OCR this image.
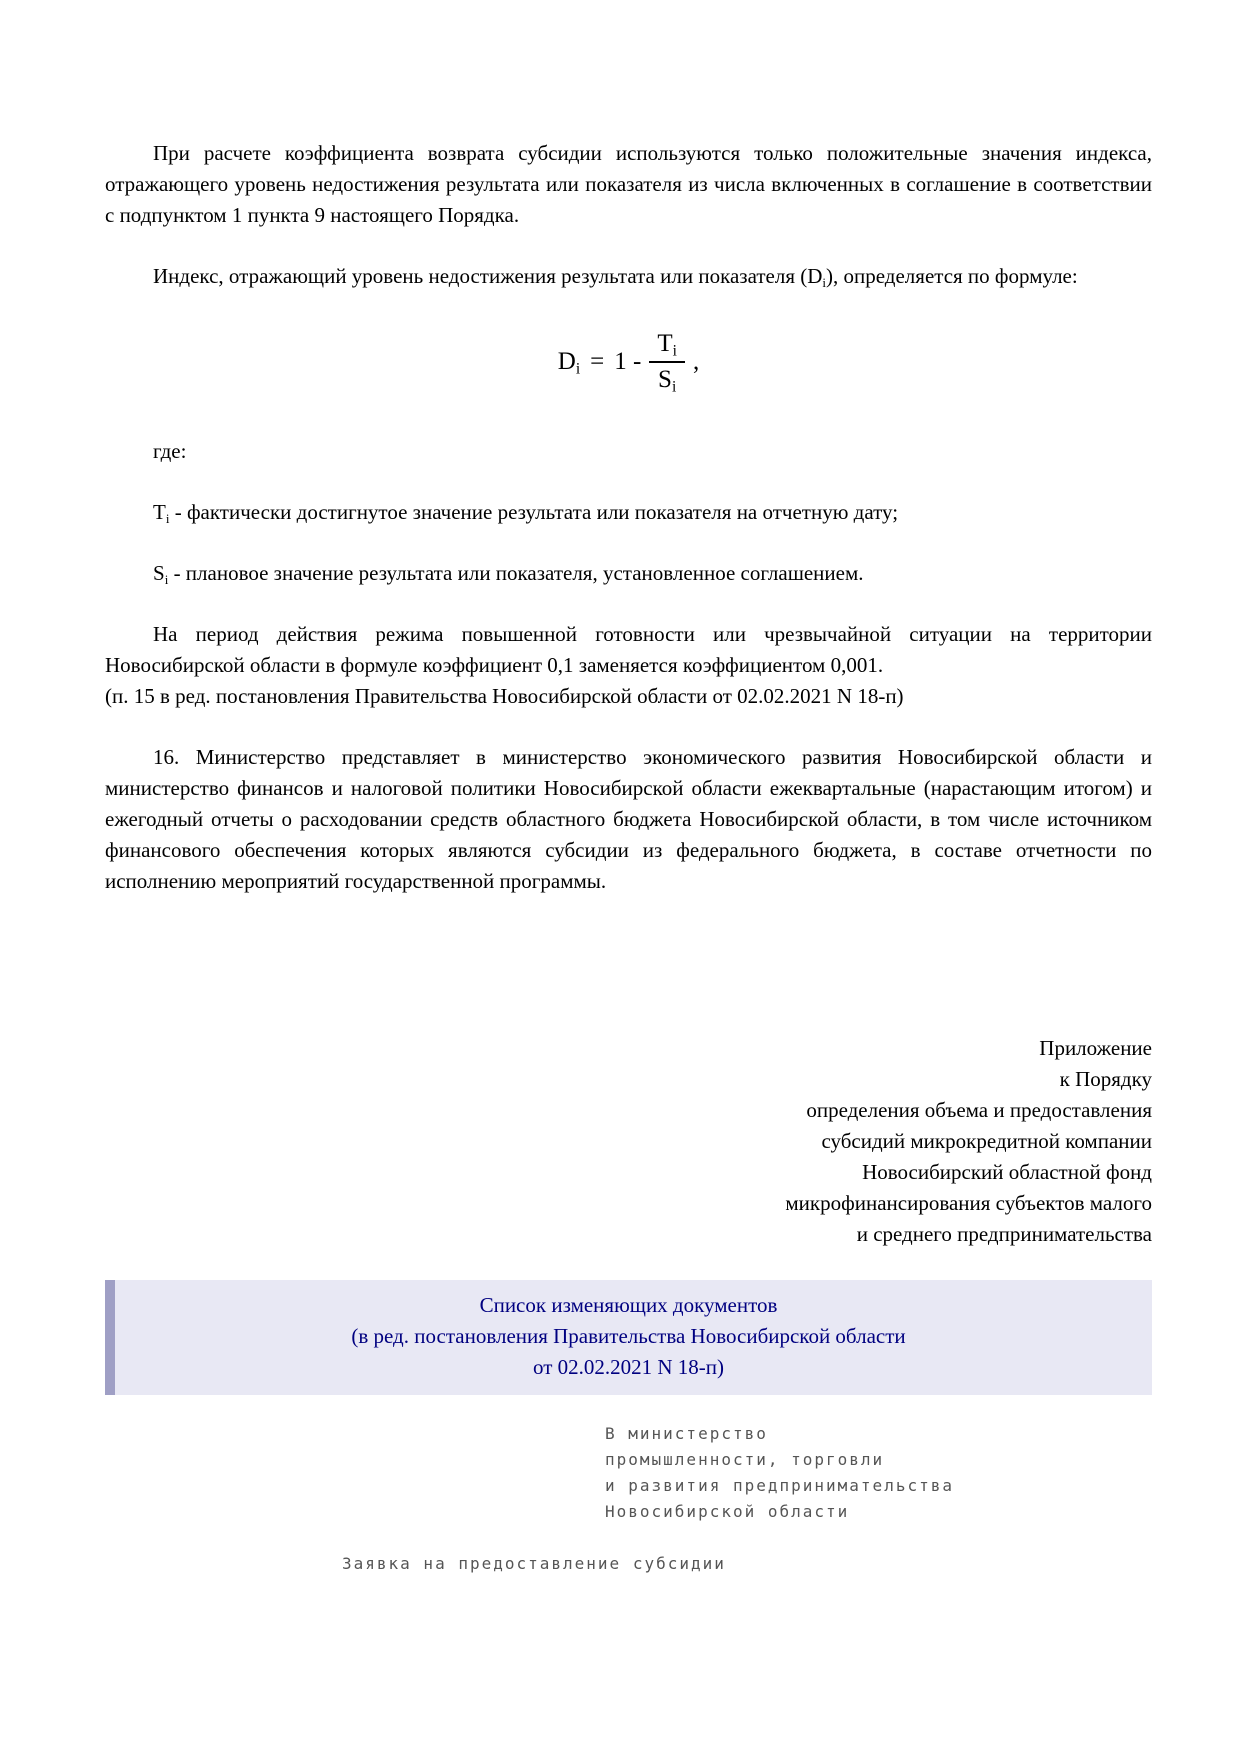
При расчете коэффициента возврата субсидии используются только положительные значения индекса, отражающего уровень недостижения результата или показателя из числа включенных в соглашение в соответствии с подпунктом 1 пункта 9 настоящего Порядка.

Индекс, отражающий уровень недостижения результата или показателя $(D_i)$, определяется по формуле:

$D_i = 1 - \frac{T_i}{S_i}$ ,

где:

$T_i$ - фактически достигнутое значение результата или показателя на отчетную дату;

$S_i$ - плановое значение результата или показателя, установленное соглашением.

На период действия режима повышенной готовности или чрезвычайной ситуации на территории Новосибирской области в формуле коэффициент 0,1 заменяется коэффициентом 0,001.

(п. 15 в ред. постановления Правительства Новосибирской области от 02.02.2021 N 18-п)

16. Министерство представляет в министерство экономического развития Новосибирской области и министерство финансов и налоговой политики Новосибирской области ежеквартальные (нарастающим итогом) и ежегодный отчеты о расходовании средств областного бюджета Новосибирской области, в том числе источником финансового обеспечения которых являются субсидии из федерального бюджета, в составе отчетности по исполнению мероприятий государственной программы.

Приложение
к Порядку
определения объема и предоставления
субсидий микрокредитной компании
Новосибирский областной фонд
микрофинансирования субъектов малого
и среднего предпринимательства
Список изменяющих документов
(в ред. постановления Правительства Новосибирской области
от 02.02.2021 N 18-п)
В министерство
промышленности, торговли
и развития предпринимательства
Новосибирской области
Заявка на предоставление субсидии
